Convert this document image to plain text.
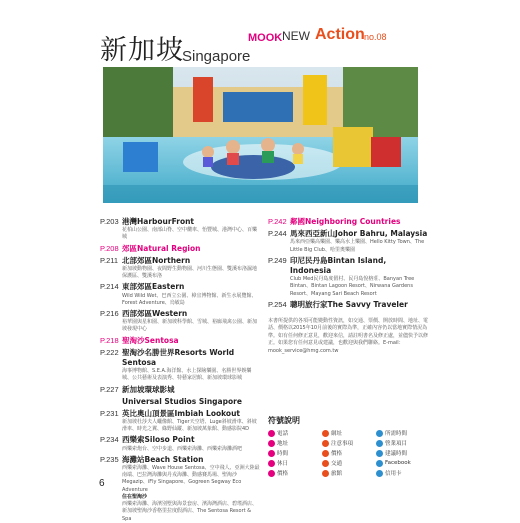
新加坡
Singapore
MOOK NEW Action no.08
P.203 港灣HarbourFront
花柏山公園、南部山脊、空中纜車、怡豐城、港灣中心、百樂城
P.208 郊區Natural Region
P.211 北部郊區Northern
新加坡動物園、夜間野生動物園、河川生態園、雙溪布洛濕地保護區、雙溪布洛
P.214 東部郊區Eastern
Wild Wild Wet、巴西立公園、樟宜博物館、新生水展覽館、Forest Adventure、烏敏島
P.216 西部郊區Western
裕華園與星和園、新加坡科學館、雪城、裕廊飛禽公園、新加坡發現中心
P.218 聖淘沙Sentosa
P.222 聖淘沙名勝世界Resorts World Sentosa
海事博物館、S.E.A.海洋館、水上探險樂園、名勝世界娛樂城、公共藝術及表演秀、特藝家居館、新加坡環球影城
P.227 新加坡環球影城
Universal Studios Singapore
P.231 英比奧山頂景區Imbiah Lookout
新加坡杜莎夫人蠟像館、Tiger天空塔、Luge斜坡滑車、斜坡滑車、時光之翼、綠野仙蹤、新加坡萬象館、動感影院4D
P.234 西樂索Siloso Point
西樂索炮台、空中步道、西樂索海灘、西樂索海灘酒吧
P.235 海灘站Beach Station
西樂索海灘、Wave House Sentosa、空中飛人、亞洲大陸最南端、巴拉灣海灘與丹戎海灘、動感賽馬場、聖淘沙Megazip、iFly Singapore、Gogreen Segway Eco Adventure
住在聖淘沙
西樂索海灘、海濱別墅與海景套房、濱海灣酒店、碧瑤酒店、新加坡聖淘沙香格里拉度假酒店、The Sentosa Resort & Spa
P.242 鄰國Neighboring Countries
P.244 馬來西亞新山Johor Bahru, Malaysia
馬來西亞樂高樂園、樂高水上樂園、Hello Kitty Town、The Little Big Club、哈里奧樂園
P.249 印尼民丹島Bintan Island, Indonesia
Club Med民丹島度假村、民丹島悅榕莊、Banyan Tree Bintan、Bintan Lagoon Resort、Nirwana Gardens Resort、Mayang Sari Beach Resort
P.254 聰明旅行家The Savvy Traveler
本書所提供的各項可能變動性資訊，如交通、票價、開放時間、地址、電話、價格以2015年10月前後的實際為準，正確內容仍以當地實際情況為準。如有任何修正意見，歡迎來信，請註明書名及修正處，並儘快予以修正。如果您有任何意見或建議，也歡迎與我們聯絡。E-mail：mook_service@hmg.com.tw
符號說明
電話	網址	所需時間
地址	注意事項	營業項目
時間	價格	建議時間
休日	交通	Facebook
價格	旅館	信用卡
6
